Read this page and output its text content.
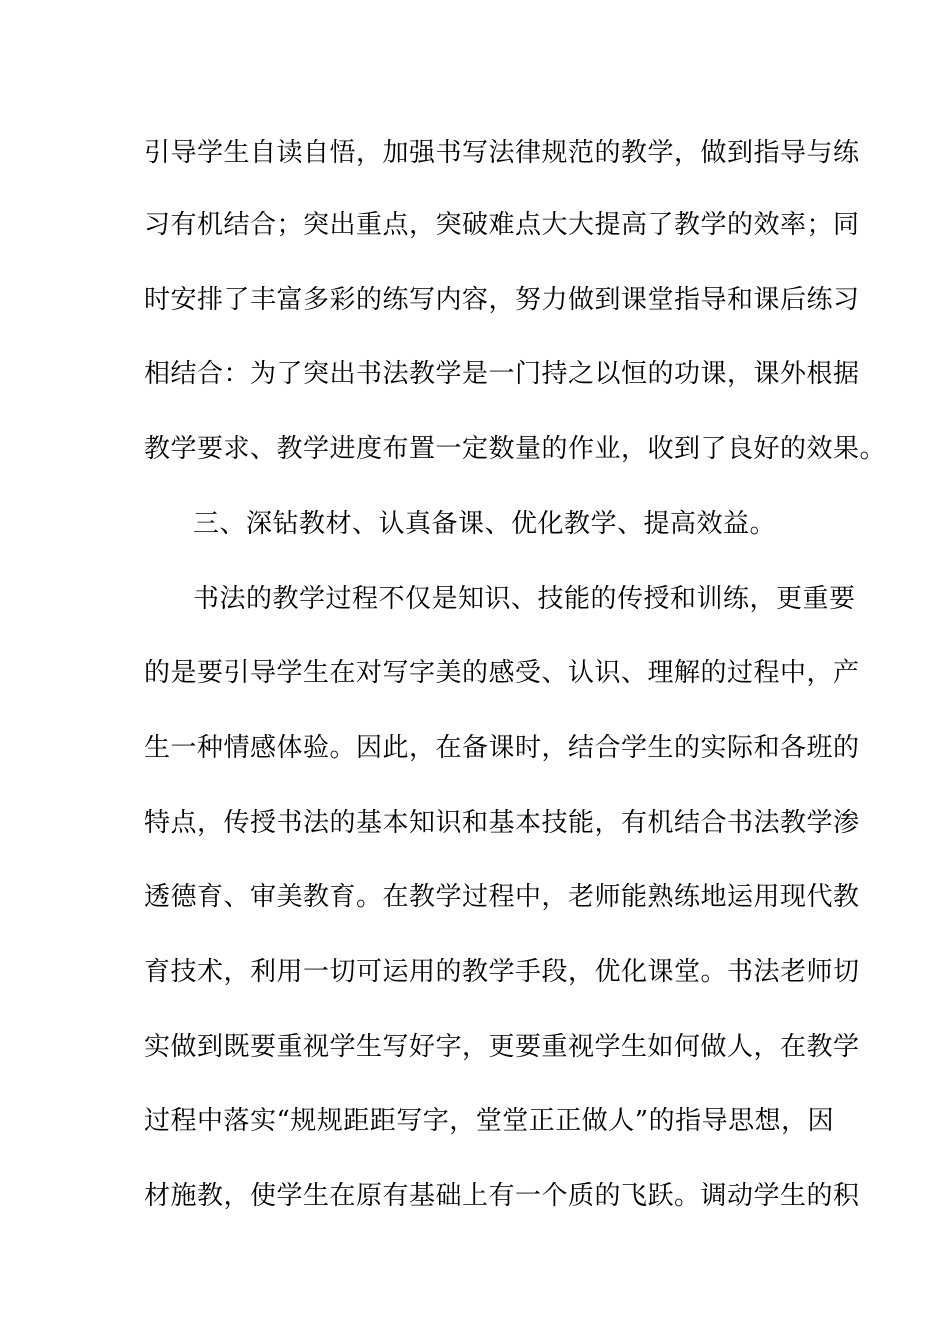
引导学生自读自悟，加强书写法律规范的教学，做到指导与练
习有机结合；突出重点，突破难点大大提高了教学的效率；同
时安排了丰富多彩的练写内容，努力做到课堂指导和课后练习
相结合：为了突出书法教学是一门持之以恒的功课，课外根据
教学要求、教学进度布置一定数量的作业，收到了良好的效果。
三、深钻教材、认真备课、优化教学、提高效益。
书法的教学过程不仅是知识、技能的传授和训练，更重要
的是要引导学生在对写字美的感受、认识、理解的过程中，产
生一种情感体验。因此，在备课时，结合学生的实际和各班的
特点，传授书法的基本知识和基本技能，有机结合书法教学渗
透德育、审美教育。在教学过程中，老师能熟练地运用现代教
育技术，利用一切可运用的教学手段，优化课堂。书法老师切
实做到既要重视学生写好字，更要重视学生如何做人，在教学
过程中落实“规规距距写字，堂堂正正做人”的指导思想，因
材施教，使学生在原有基础上有一个质的飞跃。调动学生的积
